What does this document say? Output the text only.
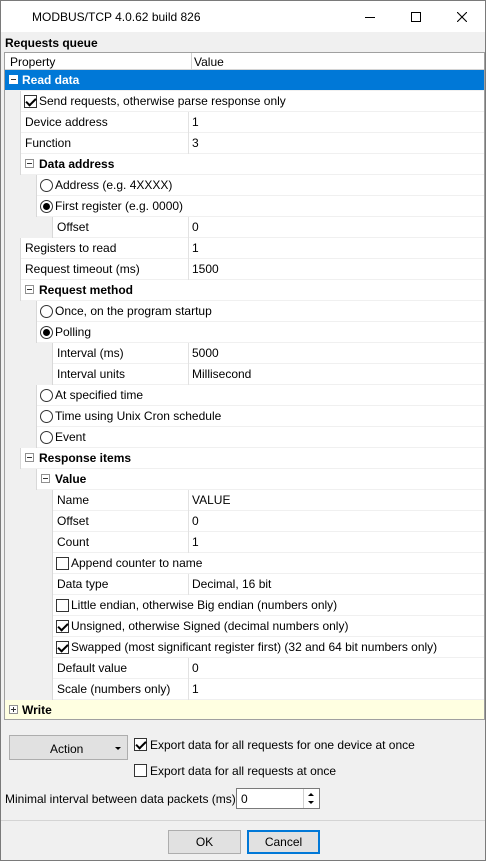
MODBUS/TCP 4.0.62 build 826
Requests queue
Property	Value
Read data
Send requests, otherwise parse response only
Device address	1
Function	3
Data address
Address (e.g. 4XXXX)
First register (e.g. 0000)
Offset	0
Registers to read	1
Request timeout (ms)	1500
Request method
Once, on the program startup
Polling
Interval (ms)	5000
Interval units	Millisecond
At specified time
Time using Unix Cron schedule
Event
Response items
Value
Name	VALUE
Offset	0
Count	1
Append counter to name
Data type	Decimal, 16 bit
Little endian, otherwise Big endian (numbers only)
Unsigned, otherwise Signed (decimal numbers only)
Swapped (most significant register first) (32 and 64 bit numbers only)
Default value	0
Scale (numbers only) 1
Write
Action	Export data for all requests for one device at once
Export data for all requests at once
Minimal interval between data packets (ms) 0
OK	Cancel
